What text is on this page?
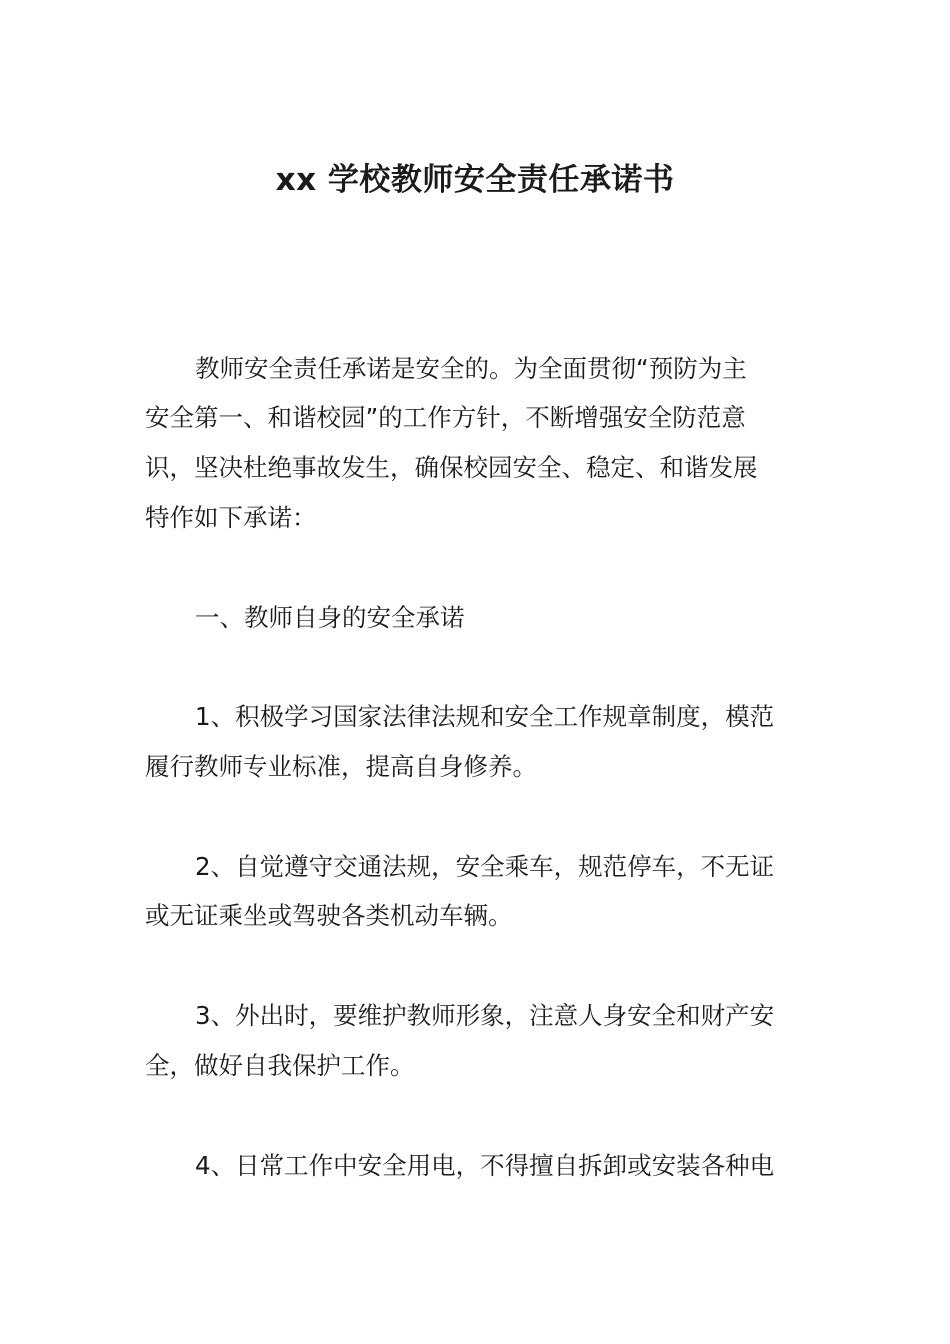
xx 学校教师安全责任承诺书
教师安全责任承诺是安全的。为全面贯彻“预防为主
安全第一、和谐校园”的工作方针，不断增强安全防范意
识，坚决杜绝事故发生，确保校园安全、稳定、和谐发展
特作如下承诺：
一、教师自身的安全承诺
1、积极学习国家法律法规和安全工作规章制度，模范
履行教师专业标准，提高自身修养。
2、自觉遵守交通法规，安全乘车，规范停车，不无证
或无证乘坐或驾驶各类机动车辆。
3、外出时，要维护教师形象，注意人身安全和财产安
全，做好自我保护工作。
4、日常工作中安全用电，不得擅自拆卸或安装各种电
